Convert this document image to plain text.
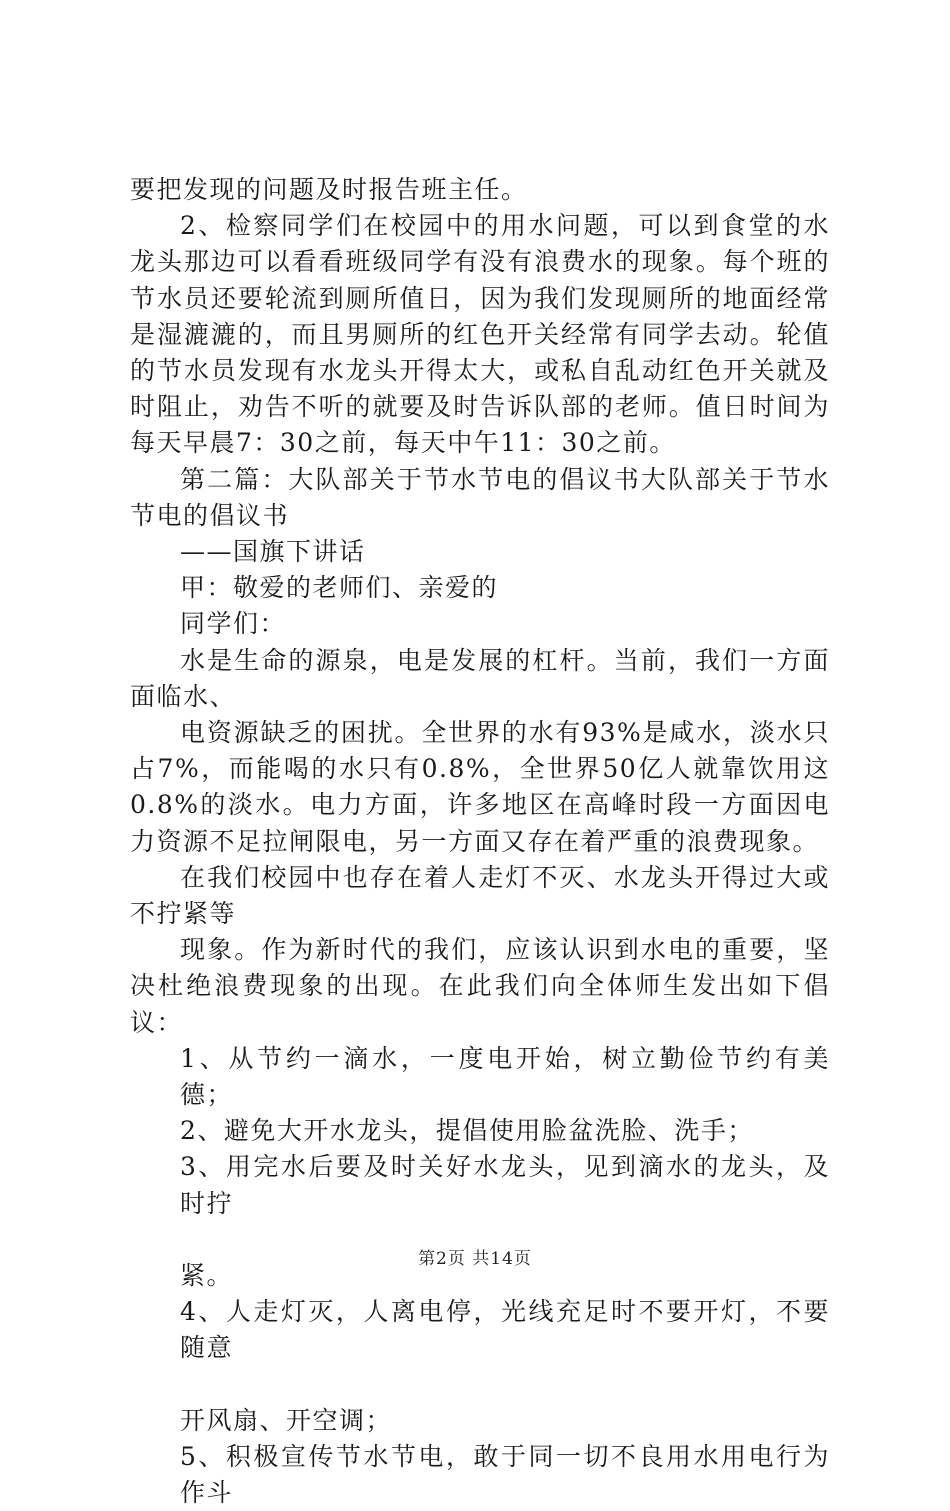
要把发现的问题及时报告班主任。

2、检察同学们在校园中的用水问题，可以到食堂的水龙头那边可以看看班级同学有没有浪费水的现象。每个班的节水员还要轮流到厕所值日，因为我们发现厕所的地面经常是湿漉漉的，而且男厕所的红色开关经常有同学去动。轮值的节水员发现有水龙头开得太大，或私自乱动红色开关就及时阻止，劝告不听的就要及时告诉队部的老师。值日时间为每天早晨7：30之前，每天中午11：30之前。

第二篇：大队部关于节水节电的倡议书大队部关于节水节电的倡议书

——国旗下讲话

甲：敬爱的老师们、亲爱的

同学们：

水是生命的源泉，电是发展的杠杆。当前，我们一方面面临水、

电资源缺乏的困扰。全世界的水有93%是咸水，淡水只占7%，而能喝的水只有0.8%，全世界50亿人就靠饮用这0.8%的淡水。电力方面，许多地区在高峰时段一方面因电力资源不足拉闸限电，另一方面又存在着严重的浪费现象。

在我们校园中也存在着人走灯不灭、水龙头开得过大或不拧紧等

现象。作为新时代的我们，应该认识到水电的重要，坚决杜绝浪费现象的出现。在此我们向全体师生发出如下倡议：

1、从节约一滴水，一度电开始，树立勤俭节约有美德；

2、避免大开水龙头，提倡使用脸盆洗脸、洗手；

3、用完水后要及时关好水龙头，见到滴水的龙头，及时拧

紧。

4、人走灯灭，人离电停，光线充足时不要开灯，不要随意

开风扇、开空调；

5、积极宣传节水节电，敢于同一切不良用水用电行为作斗

第2页 共14页
